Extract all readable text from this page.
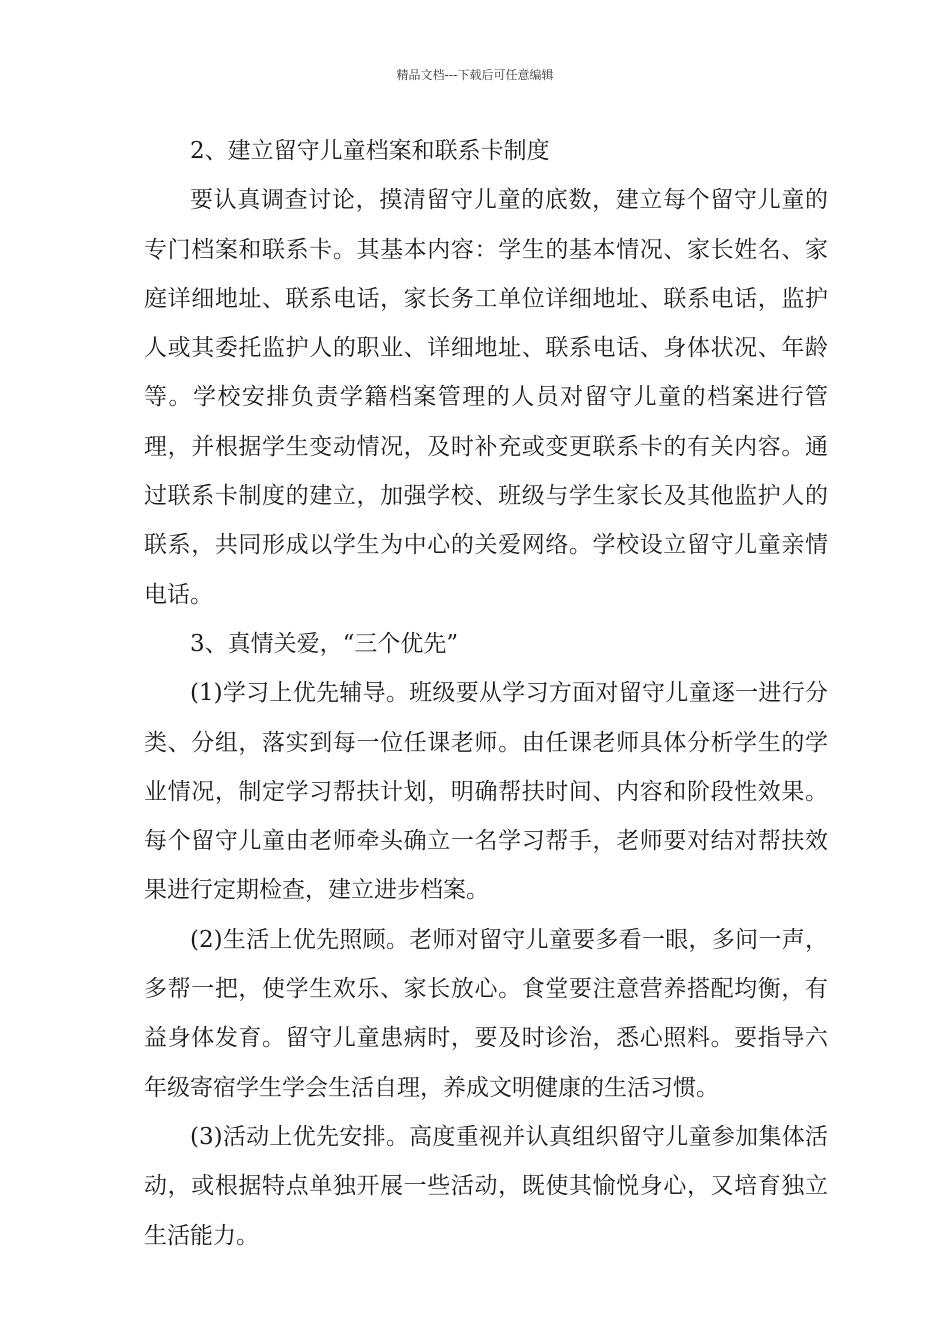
精品文档---下载后可任意编辑

2、建立留守儿童档案和联系卡制度

要认真调查讨论，摸清留守儿童的底数，建立每个留守儿童的专门档案和联系卡。其基本内容：学生的基本情况、家长姓名、家庭详细地址、联系电话，家长务工单位详细地址、联系电话，监护人或其委托监护人的职业、详细地址、联系电话、身体状况、年龄等。学校安排负责学籍档案管理的人员对留守儿童的档案进行管理，并根据学生变动情况，及时补充或变更联系卡的有关内容。通过联系卡制度的建立，加强学校、班级与学生家长及其他监护人的联系，共同形成以学生为中心的关爱网络。学校设立留守儿童亲情电话。

3、真情关爱，“三个优先”

(1)学习上优先辅导。班级要从学习方面对留守儿童逐一进行分类、分组，落实到每一位任课老师。由任课老师具体分析学生的学业情况，制定学习帮扶计划，明确帮扶时间、内容和阶段性效果。每个留守儿童由老师牵头确立一名学习帮手，老师要对结对帮扶效果进行定期检查，建立进步档案。

(2)生活上优先照顾。老师对留守儿童要多看一眼，多问一声，多帮一把，使学生欢乐、家长放心。食堂要注意营养搭配均衡，有益身体发育。留守儿童患病时，要及时诊治，悉心照料。要指导六年级寄宿学生学会生活自理，养成文明健康的生活习惯。

(3)活动上优先安排。高度重视并认真组织留守儿童参加集体活动，或根据特点单独开展一些活动，既使其愉悦身心，又培育独立生活能力。
